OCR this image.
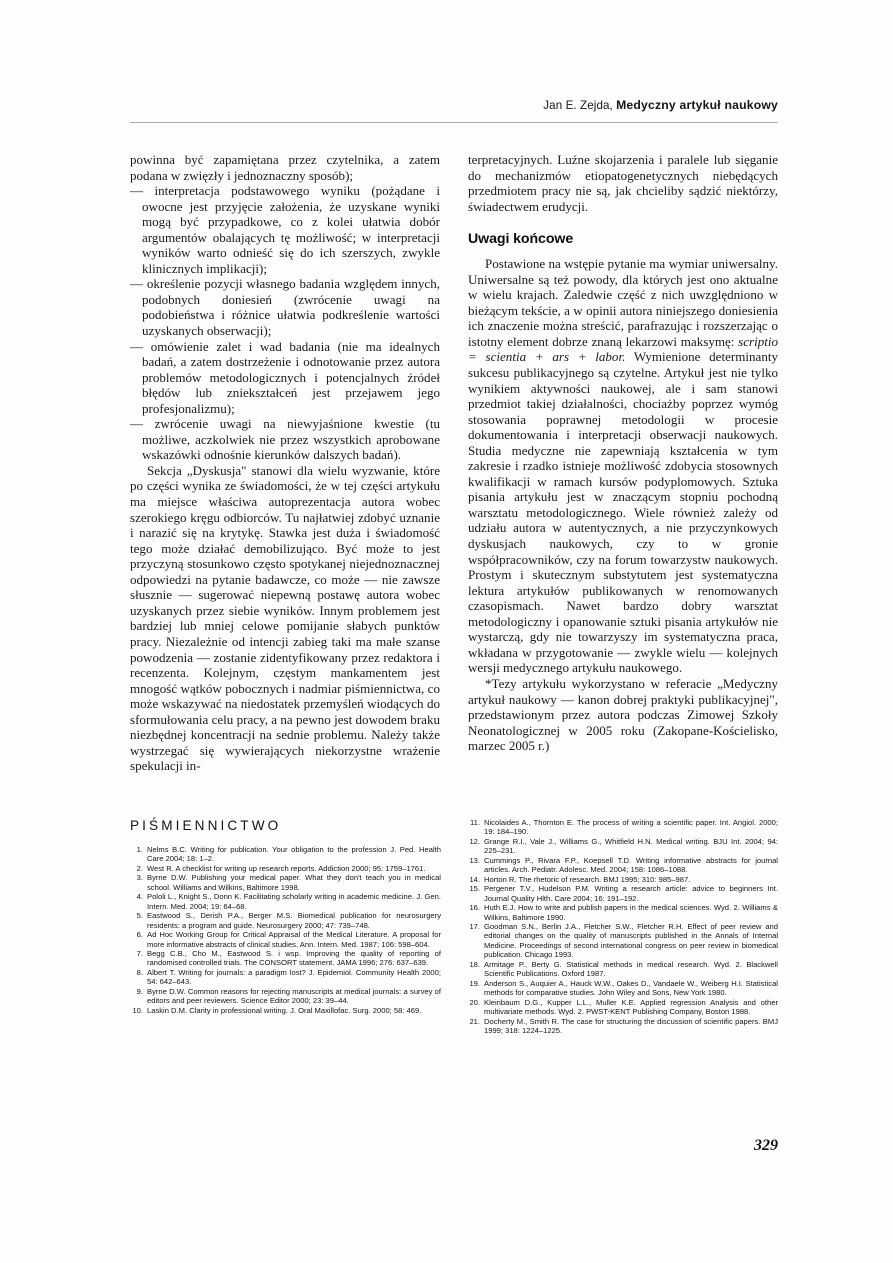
Jan E. Zejda, Medyczny artykuł naukowy

powinna być zapamiętana przez czytelnika, a zatem podana w zwięzły i jednoznaczny sposób);

— interpretacja podstawowego wyniku (pożądane i owocne jest przyjęcie założenia, że uzyskane wyniki mogą być przypadkowe, co z kolei ułatwia dobór argumentów obalających tę możliwość; w interpretacji wyników warto odnieść się do ich szerszych, zwykle klinicznych implikacji);
— określenie pozycji własnego badania względem innych, podobnych doniesień (zwrócenie uwagi na podobieństwa i różnice ułatwia podkreślenie wartości uzyskanych obserwacji);
— omówienie zalet i wad badania (nie ma idealnych badań, a zatem dostrzeżenie i odnotowanie przez autora problemów metodologicznych i potencjalnych źródeł błędów lub zniekształceń jest przejawem jego profesjonalizmu);
— zwrócenie uwagi na niewyjaśnione kwestie (tu możliwe, aczkolwiek nie przez wszystkich aprobowane wskazówki odnośnie kierunków dalszych badań).

Sekcja „Dyskusja" stanowi dla wielu wyzwanie, które po części wynika ze świadomości, że w tej części artykułu ma miejsce właściwa autoprezentacja autora wobec szerokiego kręgu odbiorców. Tu najłatwiej zdobyć uznanie i narazić się na krytykę. Stawka jest duża i świadomość tego może działać demobilizująco. Być może to jest przyczyną stosunkowo często spotykanej niejednoznacznej odpowiedzi na pytanie badawcze, co może — nie zawsze słusznie — sugerować niepewną postawę autora wobec uzyskanych przez siebie wyników. Innym problemem jest bardziej lub mniej celowe pomijanie słabych punktów pracy. Niezależnie od intencji zabieg taki ma małe szanse powodzenia — zostanie zidentyfikowany przez redaktora i recenzenta. Kolejnym, częstym mankamentem jest mnogość wątków pobocznych i nadmiar piśmiennictwa, co może wskazywać na niedostatek przemyśleń wiodących do sformułowania celu pracy, a na pewno jest dowodem braku niezbędnej koncentracji na sednie problemu. Należy także wystrzegać się wywierających niekorzystne wrażenie spekulacji in-

terpretacyjnych. Luźne skojarzenia i paralele lub sięganie do mechanizmów etiopatogenetycznych niebędących przedmiotem pracy nie są, jak chcieliby sądzić niektórzy, świadectwem erudycji.

Uwagi końcowe

Postawione na wstępie pytanie ma wymiar uniwersalny. Uniwersalne są też powody, dla których jest ono aktualne w wielu krajach. Zaledwie część z nich uwzględniono w bieżącym tekście, a w opinii autora niniejszego doniesienia ich znaczenie można streścić, parafrazując i rozszerzając o istotny element dobrze znaną lekarzowi maksymę: scriptio = scientia + ars + labor. Wymienione determinanty sukcesu publikacyjnego są czytelne. Artykuł jest nie tylko wynikiem aktywności naukowej, ale i sam stanowi przedmiot takiej działalności, chociażby poprzez wymóg stosowania poprawnej metodologii w procesie dokumentowania i interpretacji obserwacji naukowych. Studia medyczne nie zapewniają kształcenia w tym zakresie i rzadko istnieje możliwość zdobycia stosownych kwalifikacji w ramach kursów podyplomowych. Sztuka pisania artykułu jest w znaczącym stopniu pochodną warsztatu metodologicznego. Wiele również zależy od udziału autora w autentycznych, a nie przyczynkowych dyskusjach naukowych, czy to w gronie współpracowników, czy na forum towarzystw naukowych. Prostym i skutecznym substytutem jest systematyczna lektura artykułów publikowanych w renomowanych czasopismach. Nawet bardzo dobry warsztat metodologiczny i opanowanie sztuki pisania artykułów nie wystarczą, gdy nie towarzyszy im systematyczna praca, wkładana w przygotowanie — zwykle wielu — kolejnych wersji medycznego artykułu naukowego.

*Tezy artykułu wykorzystano w referacie „Medyczny artykuł naukowy — kanon dobrej praktyki publikacyjnej", przedstawionym przez autora podczas Zimowej Szkoły Neonatologicznej w 2005 roku (Zakopane-Kościelisko, marzec 2005 r.)

PIŚMIENNICTWO
1. Nelms B.C. Writing for publication. Your obligation to the profession J. Ped. Health Care 2004; 18: 1–2.
2. West R. A checklist for writing up research reports. Addiction 2000; 95: 1759–1761.
3. Byrne D.W. Publishing your medical paper. What they don't teach you in medical school. Williams and Wilkins, Baltimore 1998.
4. Pololi L., Knight S., Donn K. Facilitating scholarly writing in academic medicine. J. Gen. Intern. Med. 2004; 19: 64–68.
5. Eastwood S., Derish P.A., Berger M.S. Biomedical publication for neurosurgery residents: a program and guide. Neurosurgery 2000; 47: 739–748.
6. Ad Hoc Working Group for Critical Appraisal of the Medical Literature. A proposal for more informative abstracts of clinical studies. Ann. Intern. Med. 1987; 106: 598–604.
7. Begg C.B., Cho M., Eastwood S. i wsp. Improving the quality of reporting of randomised controlled trials. The CONSORT statement. JAMA 1996; 276: 637–639.
8. Albert T. Writing for journals: a paradigm lost? J. Epidemiol. Community Health 2000; 54: 642–643.
9. Byrne D.W. Common reasons for rejecting manuscripts at medical journals: a survey of editors and peer reviewers. Science Editor 2000; 23: 39–44.
10. Laskin D.M. Clarity in professional writing. J. Oral Maxillofac. Surg. 2000; 58: 469.
11. Nicolaides A., Thornton E. The process of writing a scientific paper. Int. Angiol. 2000; 19: 184–190.
12. Grange R.I., Vale J., Williams G., Whitfield H.N. Medical writing. BJU Int. 2004; 94: 225–231.
13. Cummings P., Rivara F.P., Koepsell T.D. Writing informative abstracts for journal articles. Arch. Pediatr. Adolesc. Med. 2004; 158: 1086–1088.
14. Horton R. The rhetoric of research. BMJ 1995; 310: 985–987.
15. Pergener T.V., Hudelson P.M. Writing a research article: advice to beginners Int. Journal Quality Hlth. Care 2004; 16: 191–192.
16. Huth E.J. How to write and publish papers in the medical sciences. Wyd. 2. Williams & Wilkins, Baltimore 1990.
17. Goodman S.N., Berlin J.A., Fletcher S.W., Fletcher R.H. Effect of peer review and editorial changes on the quality of manuscripts published in the Annals of Internal Medicine. Proceedings of second international congress on peer review in biomedical publication. Chicago 1993.
18. Armitage P., Berty G. Statistical methods in medical research. Wyd. 2. Blackwell Scientific Publications. Oxford 1987.
19. Anderson S., Auquier A., Hauck W.W., Oakes D., Vandaele W., Weiberg H.I. Statistical methods for comparative studies. John Wiley and Sons, New York 1980.
20. Kleinbaum D.G., Kupper L.L., Muller K.E. Applied regression Analysis and other multivariate methods. Wyd. 2. PWST-KENT Publishing Company, Boston 1988.
21. Docherty M., Smith R. The case for structuring the discussion of scientific papers. BMJ 1999; 318: 1224–1225.
329
